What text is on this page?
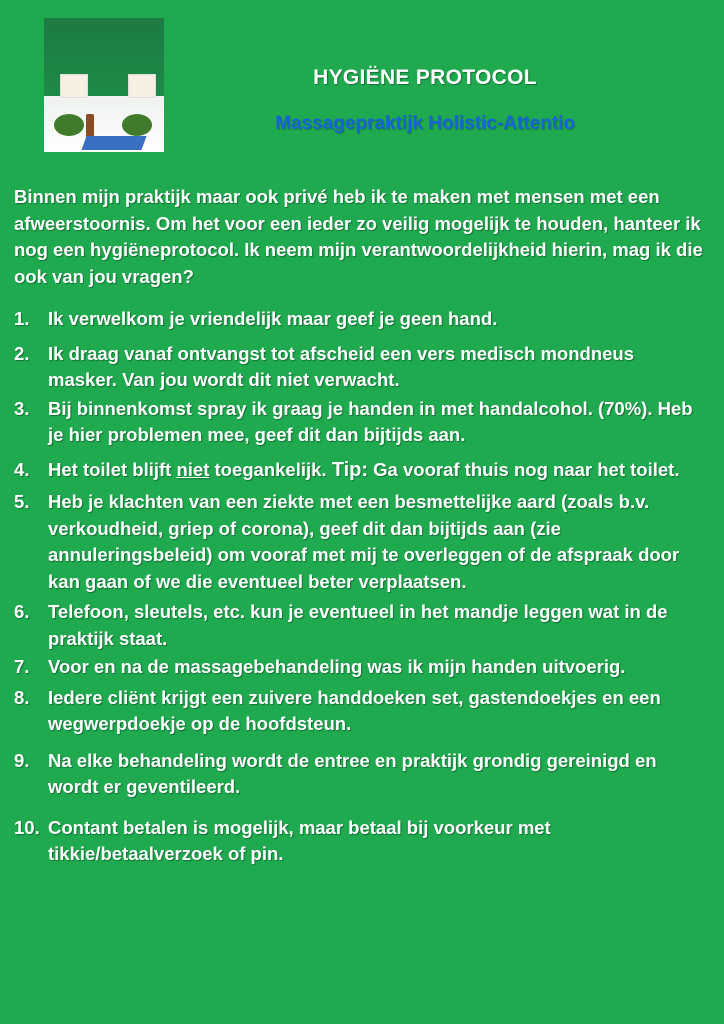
HYGIËNE PROTOCOL
Massagepraktijk Holistic-Attentio
Binnen mijn praktijk maar ook privé heb ik te maken met mensen met een afweerstoornis. Om het voor een ieder zo veilig mogelijk te houden, hanteer ik nog een hygiëneprotocol. Ik neem mijn verantwoordelijkheid hierin, mag ik die ook van jou vragen?
1. Ik verwelkom je vriendelijk maar geef je geen hand.
2. Ik draag vanaf ontvangst tot afscheid een vers medisch mondneus masker. Van jou wordt dit niet verwacht.
3. Bij binnenkomst spray ik graag je handen in met handalcohol. (70%). Heb je hier problemen mee, geef dit dan bijtijds aan.
4. Het toilet blijft niet toegankelijk. Tip: Ga vooraf thuis nog naar het toilet.
5. Heb je klachten van een ziekte met een besmettelijke aard (zoals b.v. verkoudheid, griep of corona), geef dit dan bijtijds aan (zie annuleringsbeleid) om vooraf met mij te overleggen of de afspraak door kan gaan of we die eventueel beter verplaatsen.
6. Telefoon, sleutels, etc. kun je eventueel in het mandje leggen wat in de praktijk staat.
7. Voor en na de massagebehandeling was ik mijn handen uitvoerig.
8. Iedere cliënt krijgt een zuivere handdoeken set, gastendoekjes en een wegwerpdoekje op de hoofdsteun.
9. Na elke behandeling wordt de entree en praktijk grondig gereinigd en wordt er geventileerd.
10. Contant betalen is mogelijk, maar betaal bij voorkeur met tikkie/betaalverzoek of pin.
